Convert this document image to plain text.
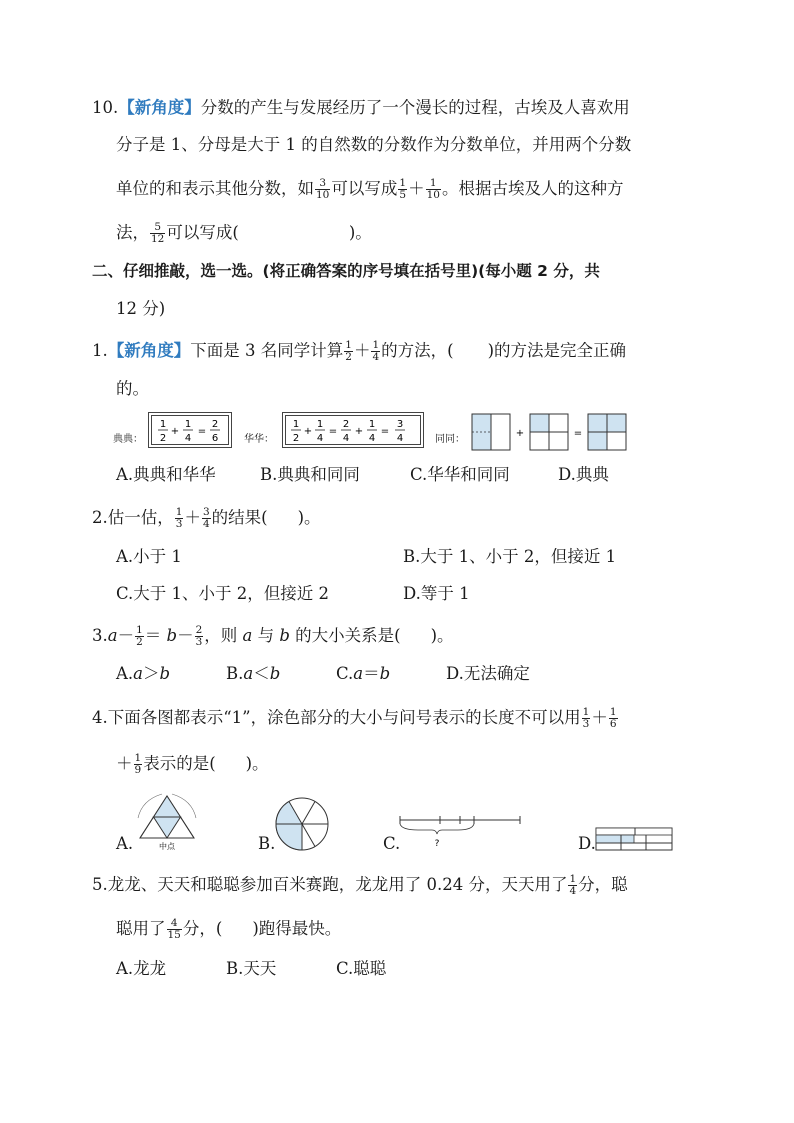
10.【新角度】分数的产生与发展经历了一个漫长的过程，古埃及人喜欢用
分子是 1、分母是大于 1 的自然数的分数作为分数单位，并用两个分数
单位的和表示其他分数，如 $\frac{3}{10}$ 可以写成 $\frac{1}{5} + \frac{1}{10}$ 。根据古埃及人的这种方
法， $\frac{5}{12}$ 可以写成(	)。
二、仔细推敲，选一选。(将正确答案的序号填在括号里)(每小题 2 分，共
12 分)
1.【新角度】下面是 3 名同学计算 $\frac{1}{2} + \frac{1}{4}$ 的方法，( )的方法是完全正确
的。
典典：
1
2
+
1
4
=
2
6	华华：
1
2
+
1
4
=
2
4
+
1
4
=
3
4	同同：
+	=
A.典典和华华	B.典典和同同	C.华华和同同	D.典典
2.估一估， $\frac{1}{3} + \frac{3}{4}$ 的结果( )。
A.小于 1	B.大于 1、小于 2，但接近 1
C.大于 1、小于 2，但接近 2	D.等于 1
$3.a- \frac{1}{2} = b- \frac{2}{3}$ ，则 a 与 b 的大小关系是( )。
A.a＞b	B.a＜b	C.a＝b	D.无法确定
4.下面各图都表示“1”，涂色部分的大小与问号表示的长度不可以用 $\frac{1}{3} + \frac{1}{6}$
＋ $\frac{1}{9}$ 表示的是( )。
A.	中点	B.	C.	?	D.
5.龙龙、天天和聪聪参加百米赛跑，龙龙用了 0.24 分，天天用了 $\frac{1}{4}$ 分，聪
聪用了 $\frac{4}{15}$ 分，( )跑得最快。
A.龙龙	B.天天	C.聪聪
